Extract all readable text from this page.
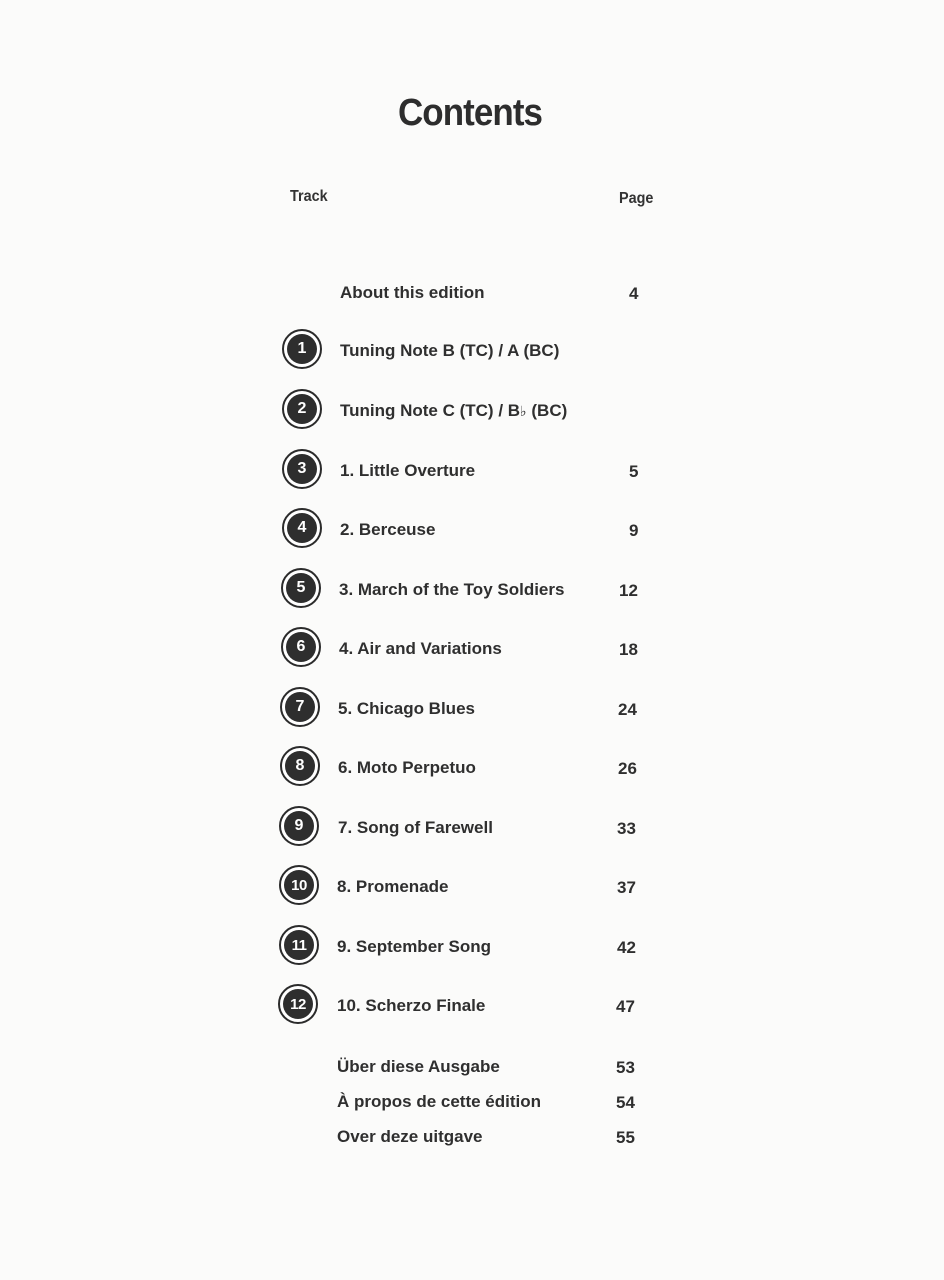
Contents
Track	Page
About this edition	4
1	Tuning Note B (TC) / A (BC)
2	Tuning Note C (TC) / B♭ (BC)
3	1. Little Overture	5
4	2. Berceuse	9
5	3. March of the Toy Soldiers	12
6	4. Air and Variations	18
7	5. Chicago Blues	24
8	6. Moto Perpetuo	26
9	7. Song of Farewell	33
10	8. Promenade	37
11	9. September Song	42
12	10. Scherzo Finale	47
Über diese Ausgabe	53
À propos de cette édition	54
Over deze uitgave	55
